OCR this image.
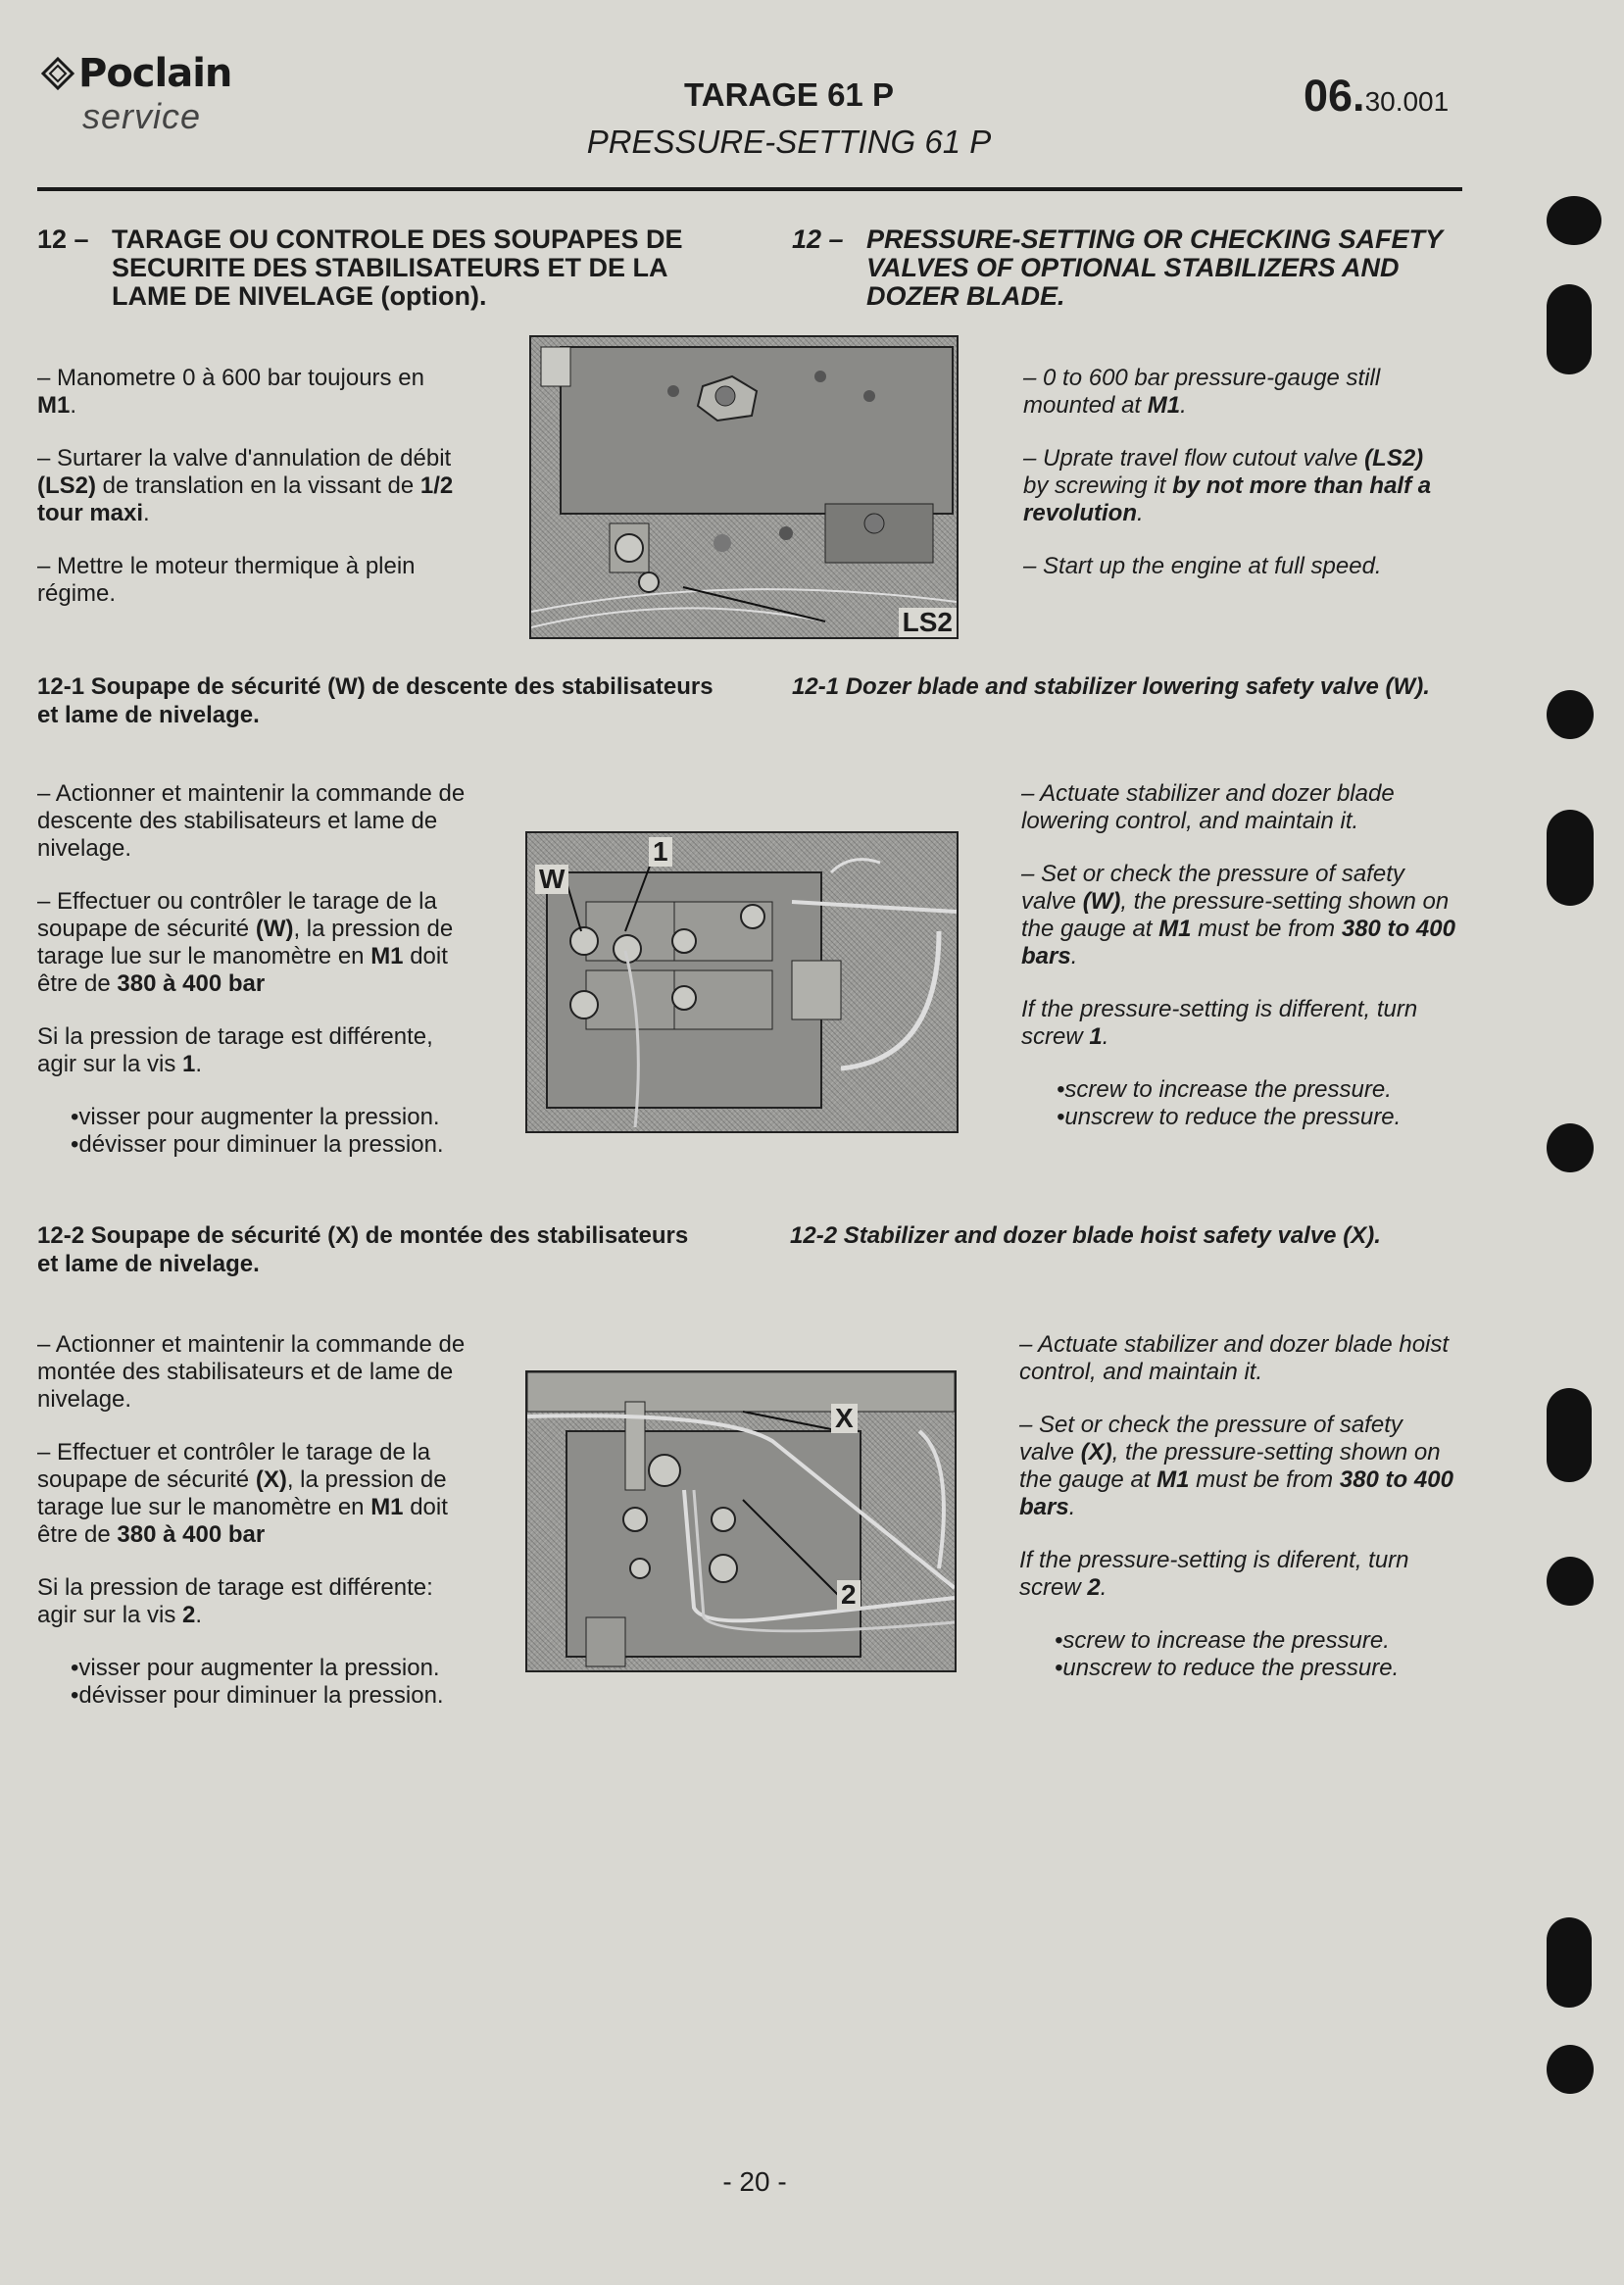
Poclain
service
TARAGE 61 P
PRESSURE-SETTING 61 P
06.30.001
12 – TARAGE OU CONTROLE DES SOUPAPES DE SECURITE DES STABILISATEURS ET DE LA LAME DE NIVELAGE (option).
12 – PRESSURE-SETTING OR CHECKING SAFETY VALVES OF OPTIONAL STABILIZERS AND DOZER BLADE.

– Manometre 0 à 600 bar toujours en M1.

– Surtarer la valve d'annulation de débit (LS2) de translation en la vissant de 1/2 tour maxi.

– Mettre le moteur thermique à plein régime.

LS2

– 0 to 600 bar pressure-gauge still mounted at M1.

– Uprate travel flow cutout valve (LS2) by screwing it by not more than half a revolution.

– Start up the engine at full speed.

12-1 Soupape de sécurité (W) de descente des stabilisateurs et lame de nivelage.
12-1 Dozer blade and stabilizer lowering safety valve (W).

– Actionner et maintenir la commande de descente des stabilisateurs et lame de nivelage.

– Effectuer ou contrôler le tarage de la soupape de sécurité (W), la pression de tarage lue sur le manomètre en M1 doit être de 380 à 400 bar

Si la pression de tarage est différente, agir sur la vis 1.

• visser pour augmenter la pression.
• dévisser pour diminuer la pression.
W
1

– Actuate stabilizer and dozer blade lowering control, and maintain it.

– Set or check the pressure of safety valve (W), the pressure-setting shown on the gauge at M1 must be from 380 to 400 bars.

If the pressure-setting is different, turn screw 1.

• screw to increase the pressure.
• unscrew to reduce the pressure.
12-2 Soupape de sécurité (X) de montée des stabilisateurs et lame de nivelage.
12-2 Stabilizer and dozer blade hoist safety valve (X).

– Actionner et maintenir la commande de montée des stabilisateurs et de lame de nivelage.

– Effectuer et contrôler le tarage de la soupape de sécurité (X), la pression de tarage lue sur le manomètre en M1 doit être de 380 à 400 bar

Si la pression de tarage est différente: agir sur la vis 2.

• visser pour augmenter la pression.
• dévisser pour diminuer la pression.
X
2

– Actuate stabilizer and dozer blade hoist control, and maintain it.

– Set or check the pressure of safety valve (X), the pressure-setting shown on the gauge at M1 must be from 380 to 400 bars.

If the pressure-setting is diferent, turn screw 2.

• screw to increase the pressure.
• unscrew to reduce the pressure.
- 20 -
